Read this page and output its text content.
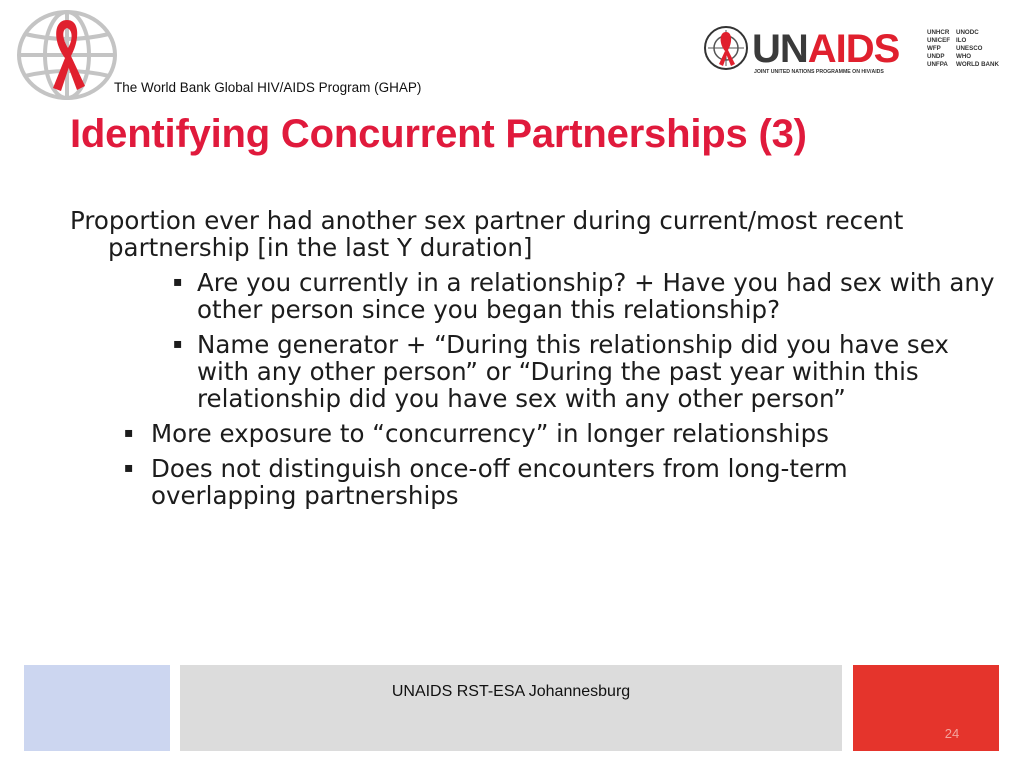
The World Bank Global HIV/AIDS Program (GHAP)
UNAIDS
JOINT UNITED NATIONS PROGRAMME ON HIV/AIDS
UNHCR
UNICEF
WFP
UNDP
UNFPA
UNODC
ILO
UNESCO
WHO
WORLD BANK
Identifying Concurrent Partnerships (3)

Proportion ever had another sex partner during current/most recent partnership [in the last Y duration]

▪ Are you currently in a relationship? + Have you had sex with any other person since you began this relationship?
▪ Name generator + “During this relationship did you have sex with any other person” or “During the past year within this relationship did you have sex with any other person”
▪ More exposure to “concurrency” in longer relationships
▪ Does not distinguish once-off encounters from long-term overlapping partnerships
UNAIDS RST-ESA Johannesburg
24
